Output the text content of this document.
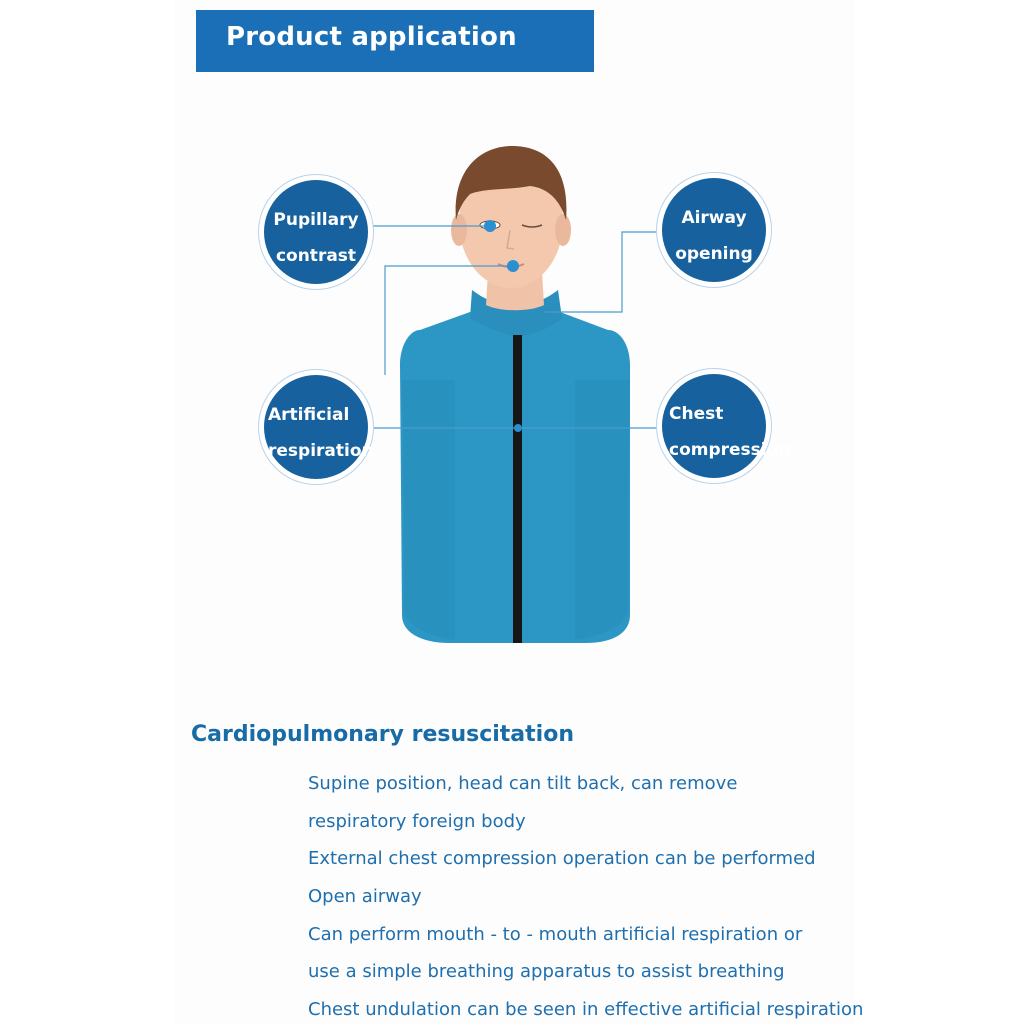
Product application
Pupillary
contrast
Airway
opening
Artificial
respiration
Chest
compression
Cardiopulmonary resuscitation
Supine position, head can tilt back, can remove
respiratory foreign body
External chest compression operation can be performed
Open airway
Can perform mouth - to - mouth artificial respiration or
use a simple breathing apparatus to assist breathing
Chest undulation can be seen in effective artificial respiration
